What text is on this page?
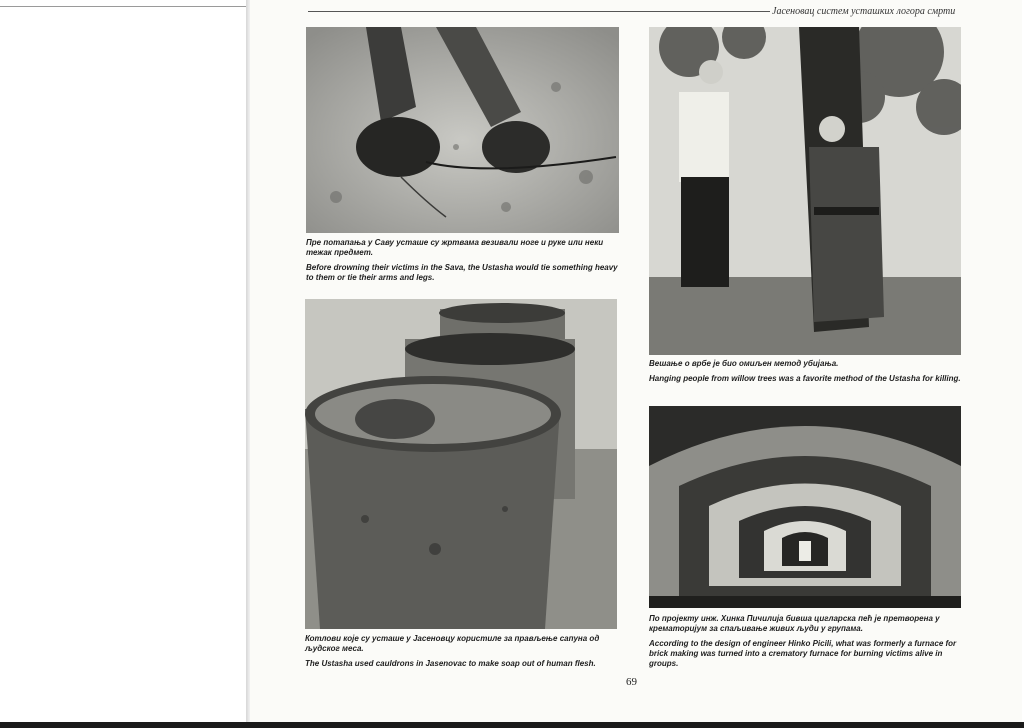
Јасеновац систем усташких логора смрти

Пре потапања у Саву усташе су жртвама везивали ноге и руке или неки тежак предмет.

Before drowning their victims in the Sava, the Ustasha would tie something heavy to them or tie their arms and legs.

Вешање о врбе је био омиљен метод убијања.

Hanging people from willow trees was a favorite method of the Ustasha for killing.

Котлови које су усташе у Јасеновцу користиле за прављење сапуна од људског меса.

The Ustasha used cauldrons in Jasenovac to make soap out of human flesh.

По пројекту инж. Хинка Пичилија бивша цигларска пећ је претворена у крематоријум за спаљивање живих људи у групама.

According to the design of engineer Hinko Picili, what was formerly a furnace for brick making was turned into a crematory furnace for burning victims alive in groups.

69
